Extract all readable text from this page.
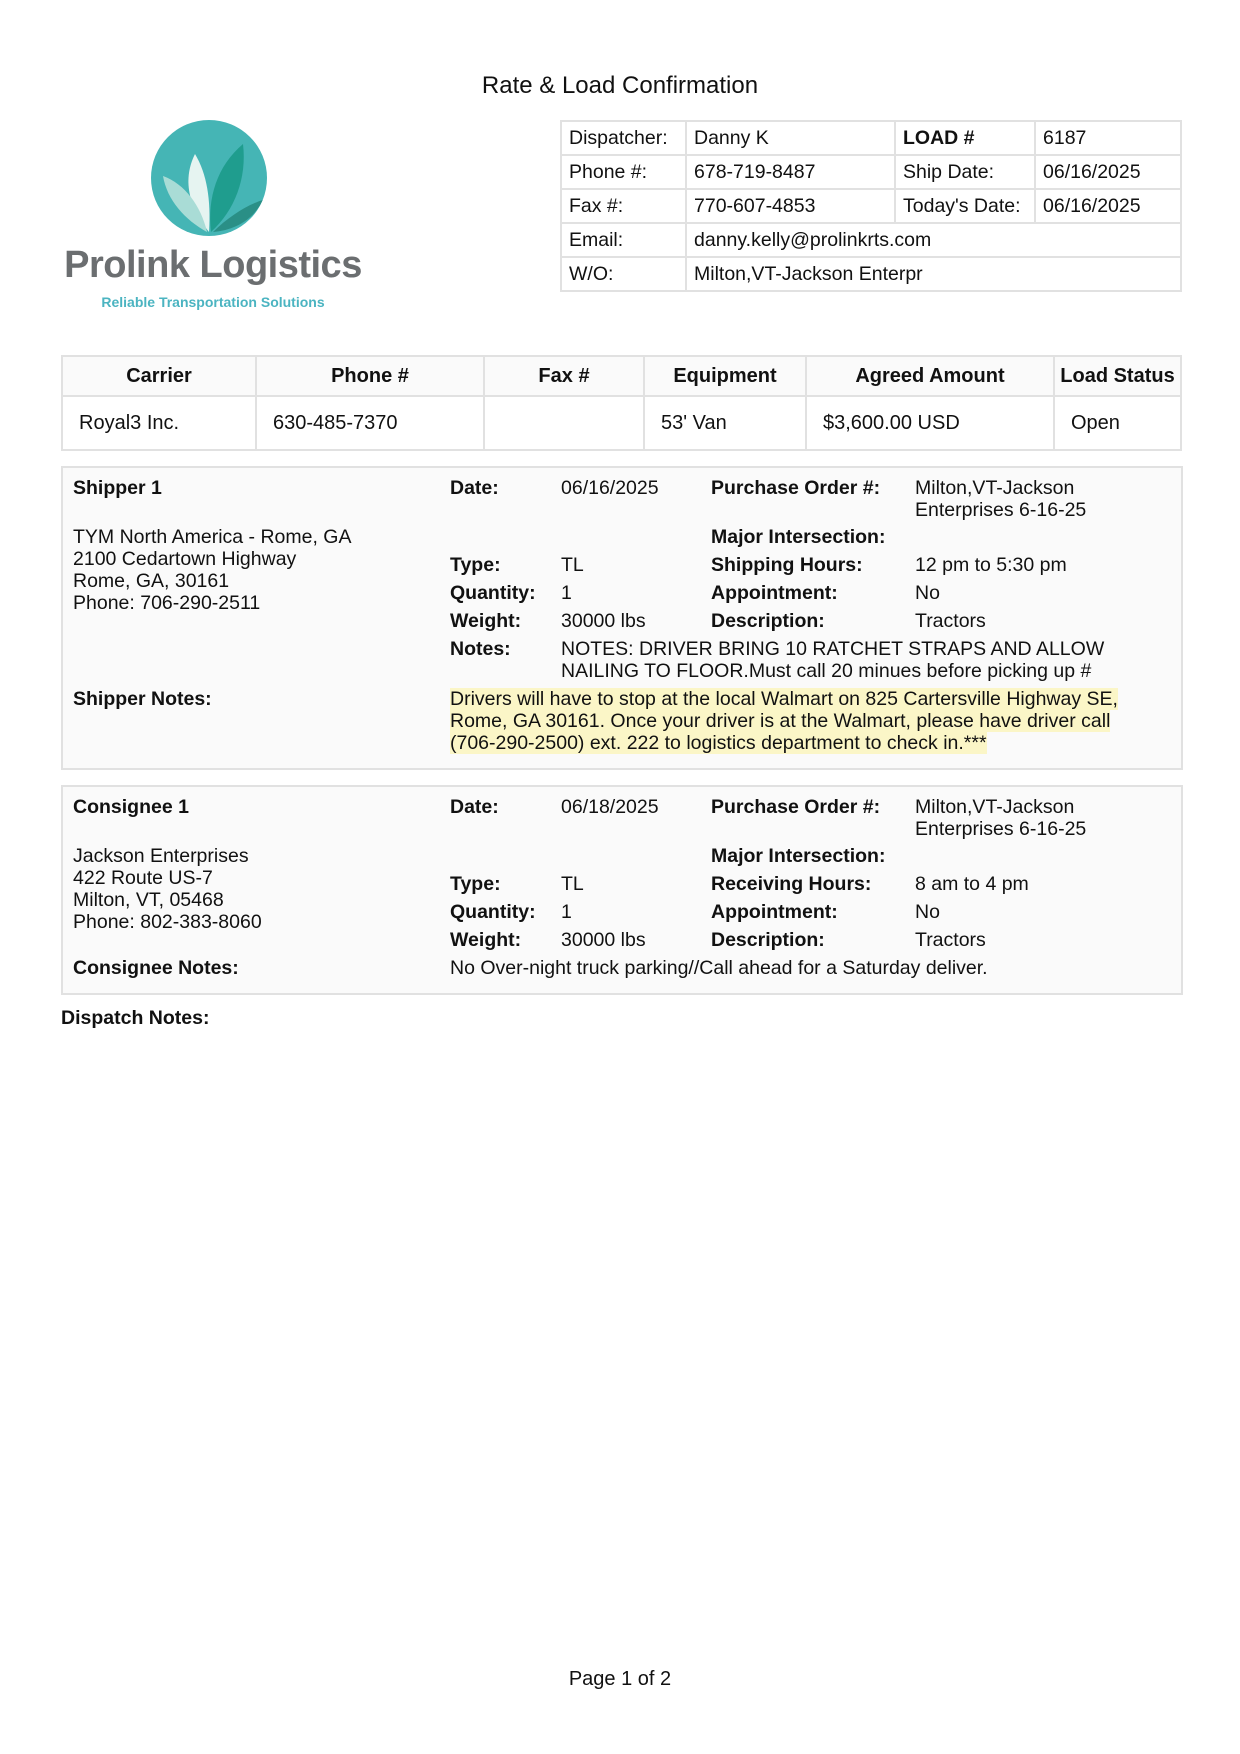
Rate & Load Confirmation
Prolink Logistics
Reliable Transportation Solutions
Dispatcher:	Danny K	LOAD #	6187
Phone #:	678-719-8487	Ship Date:	06/16/2025
Fax #:	770-607-4853	Today's Date:	06/16/2025
Email:	danny.kelly@prolinkrts.com		
W/O:	Milton,VT-Jackson Enterpr		
Carrier	Phone #	Fax #	Equipment	Agreed Amount	Load Status
Royal3 Inc.	630-485-7370		53' Van	$3,600.00 USD	Open
Shipper 1
TYM North America - Rome, GA
2100 Cedartown Highway
Rome, GA, 30161
Phone: 706-290-2511
Date:	06/16/2025	Purchase Order #: Milton,VT-Jackson
Enterprises 6-16-25
Major Intersection:
Type:	TL	Shipping Hours:	12 pm to 5:30 pm
Quantity: 1	Appointment:	No
Weight: 30000 lbs	Description:	Tractors
Notes:	NOTES: DRIVER BRING 10 RATCHET STRAPS AND ALLOW
NAILING TO FLOOR.Must call 20 minues before picking up #
Shipper Notes:	Drivers will have to stop at the local Walmart on 825 Cartersville Highway SE,
Rome, GA 30161. Once your driver is at the Walmart, please have driver call
(706-290-2500) ext. 222 to logistics department to check in.***
Consignee 1
Jackson Enterprises
422 Route US-7
Milton, VT, 05468
Phone: 802-383-8060
Date:	06/18/2025	Purchase Order #: Milton,VT-Jackson
Enterprises 6-16-25
Major Intersection:
Type:	TL	Receiving Hours: 8 am to 4 pm
Quantity: 1	Appointment:	No
Weight: 30000 lbs	Description:	Tractors
Consignee Notes:	No Over-night truck parking//Call ahead for a Saturday deliver.
Dispatch Notes:
Page 1 of 2
